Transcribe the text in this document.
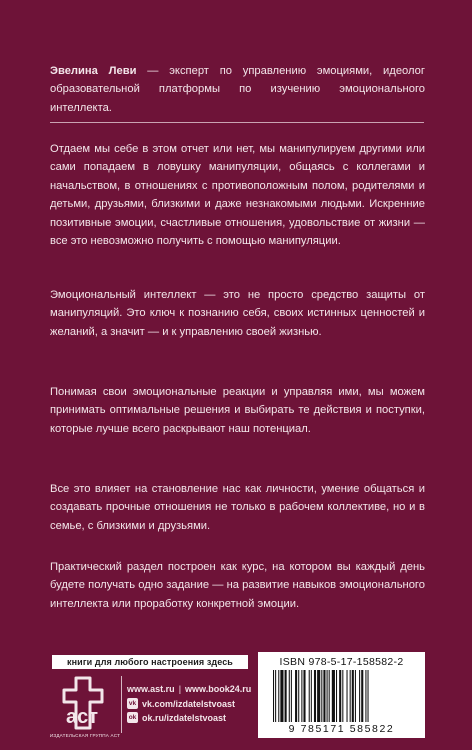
Эвелина Леви — эксперт по управлению эмоциями, идеолог образовательной платформы по изучению эмоционального интеллекта.

Отдаем мы себе в этом отчет или нет, мы манипулируем другими или сами попадаем в ловушку манипуляции, общаясь с коллегами и начальством, в отношениях с противоположным полом, родителями и детьми, друзьями, близкими и даже незнакомыми людьми. Искренние позитивные эмоции, счастливые отношения, удовольствие от жизни — все это невозможно получить с помощью манипуляции.

Эмоциональный интеллект — это не просто средство защиты от манипуляций. Это ключ к познанию себя, своих истинных ценностей и желаний, а значит — и к управлению своей жизнью.

Понимая свои эмоциональные реакции и управляя ими, мы можем принимать оптимальные решения и выбирать те действия и поступки, которые лучше всего раскрывают наш потенциал.

Все это влияет на становление нас как личности, умение общаться и создавать прочные отношения не только в рабочем коллективе, но и в семье, с близкими и друзьями.

Практический раздел построен как курс, на котором вы каждый день будете получать одно задание — на развитие навыков эмоционального интеллекта или проработку конкретной эмоции.

книги для любого настроения здесь
аст
ИЗДАТЕЛЬСКАЯ ГРУППА АСТ
www.ast.ru | www.book24.ru
vk vk.com/izdatelstvoast
ok ok.ru/izdatelstvoast
ISBN 978-5-17-158582-2
9 785171 585822
